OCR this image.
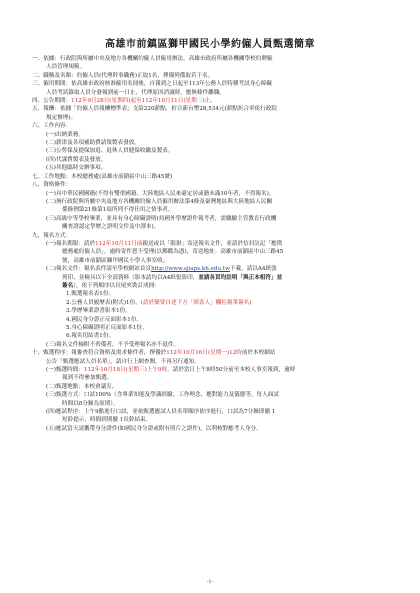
高雄市前鎮區獅甲國民小學約僱人員甄選簡章
一、依據：行政院與所屬中央及地方各機關約僱人員僱用辦法、高雄市政府所屬各機關學校約聘僱
人員管理規範。
二、職稱及名額：約僱人員(代理幹事職務)正取1名，擇優列備取若干名。
三、僱用期間：依高雄市政府核准僱用名冊後，自報到之日起至113年公務人員特種考試身心障礙
人員考試錄取人員分發報到前一日止，代理原因消滅時，應無條件離職。
四、公告期間：112年9月28日(星期四)起至112年10月11日(星期三)止。
五、報酬：依據「約僱人員報酬標準表」支給220薪點，折合新台幣28,534元(薪點折合率依行政院
規定辦理)。
六、工作內容：
(一)出納業務。
(二)薪津及各項補助費請領製表發放。
(三)公勞保及提保加退、退休人員健保收繳及製表。
(四)代課費製表及發放。
(五)其他臨時交辦事項。
七、工作地點：本校總務處(高雄市前鎮區中山三路45號)
八、資格條件：
(一)具中華民國國籍(不得有雙重國籍、大陸地區人民來臺定居或籍未滿10年者，不得報名)。
(二)無行政院與所屬中央及地方各機關約僱人員僱用辦法第4條及臺灣地區與大陸地區人民關
係條例第21條第1項所列不得任用之情事者。
(三)高級中等學校畢業，並具有身心障礙證明(持國外學歷證件報考者，需繳驗主管教育行政機
關查證認定學歷之證明文件及中譯本)。
九、報名方式：
(一)報名期限：請於112年10月11日前親送或以「限掛」寄送報名文件，並請於信封註記「應徵
總務處約僱人員」，逾時寄件恕不受理(以郵戳為憑)，寄送地址：高雄市前鎮區中山三路45
號，高雄市前鎮區獅甲國民小學人事室收。
(二)報名文件：報名表件請至學校網站首頁http://www.sjiaps.kh.edu.tw下載，請以A4紙張
列印，並檢具以下全部資料（影本請均以A4紙張影印，並請各頁均註明「與正本相符」並
簽名），依下列順序以長尾夾裝訂成冊：
1.甄選報名表1份。
2.公務人員履歷表(附式)1份。(請於簡要自述下方「填表人」欄位親筆簽名)
3.學歷畢業證書影本1份。
4.國民身分證正反面影本1份。
5.身心障礙證明正反面影本1份。
6.報名切結書1份。
(三)報名文件檢附不齊備者，不予受理報名亦不退件。
十、甄選程序：報審查符合資格及需求條件者，擇優於112年10月16日(星期一)12時前於本校網站
公告「甄選應試人員名單」，請自行上網查閱，不再另行通知。
(一)甄選時間：112年10月18日(星期三)上午9時，請於當日上午8時50分前至本校人事室報到，逾時
報到不得參加甄選。
(二)甄選地點：本校會議室。
(三)甄選方式：口試100%（含專業知能及學識經驗、工作理念、應對能力及儀態等，每人面試
時間以8分鐘為原則）。
(四)應試程序：上午9點進行口試，並依甄選應試人員名單順序依序進行，口試為7分鐘即撤 1
短鈴提示，時間到則撤 1長鈴結束。
(五)應試當天請攜帶身分證件(如國民身分證或附有照片之證件)，以利核對應考人身分。
-1-
